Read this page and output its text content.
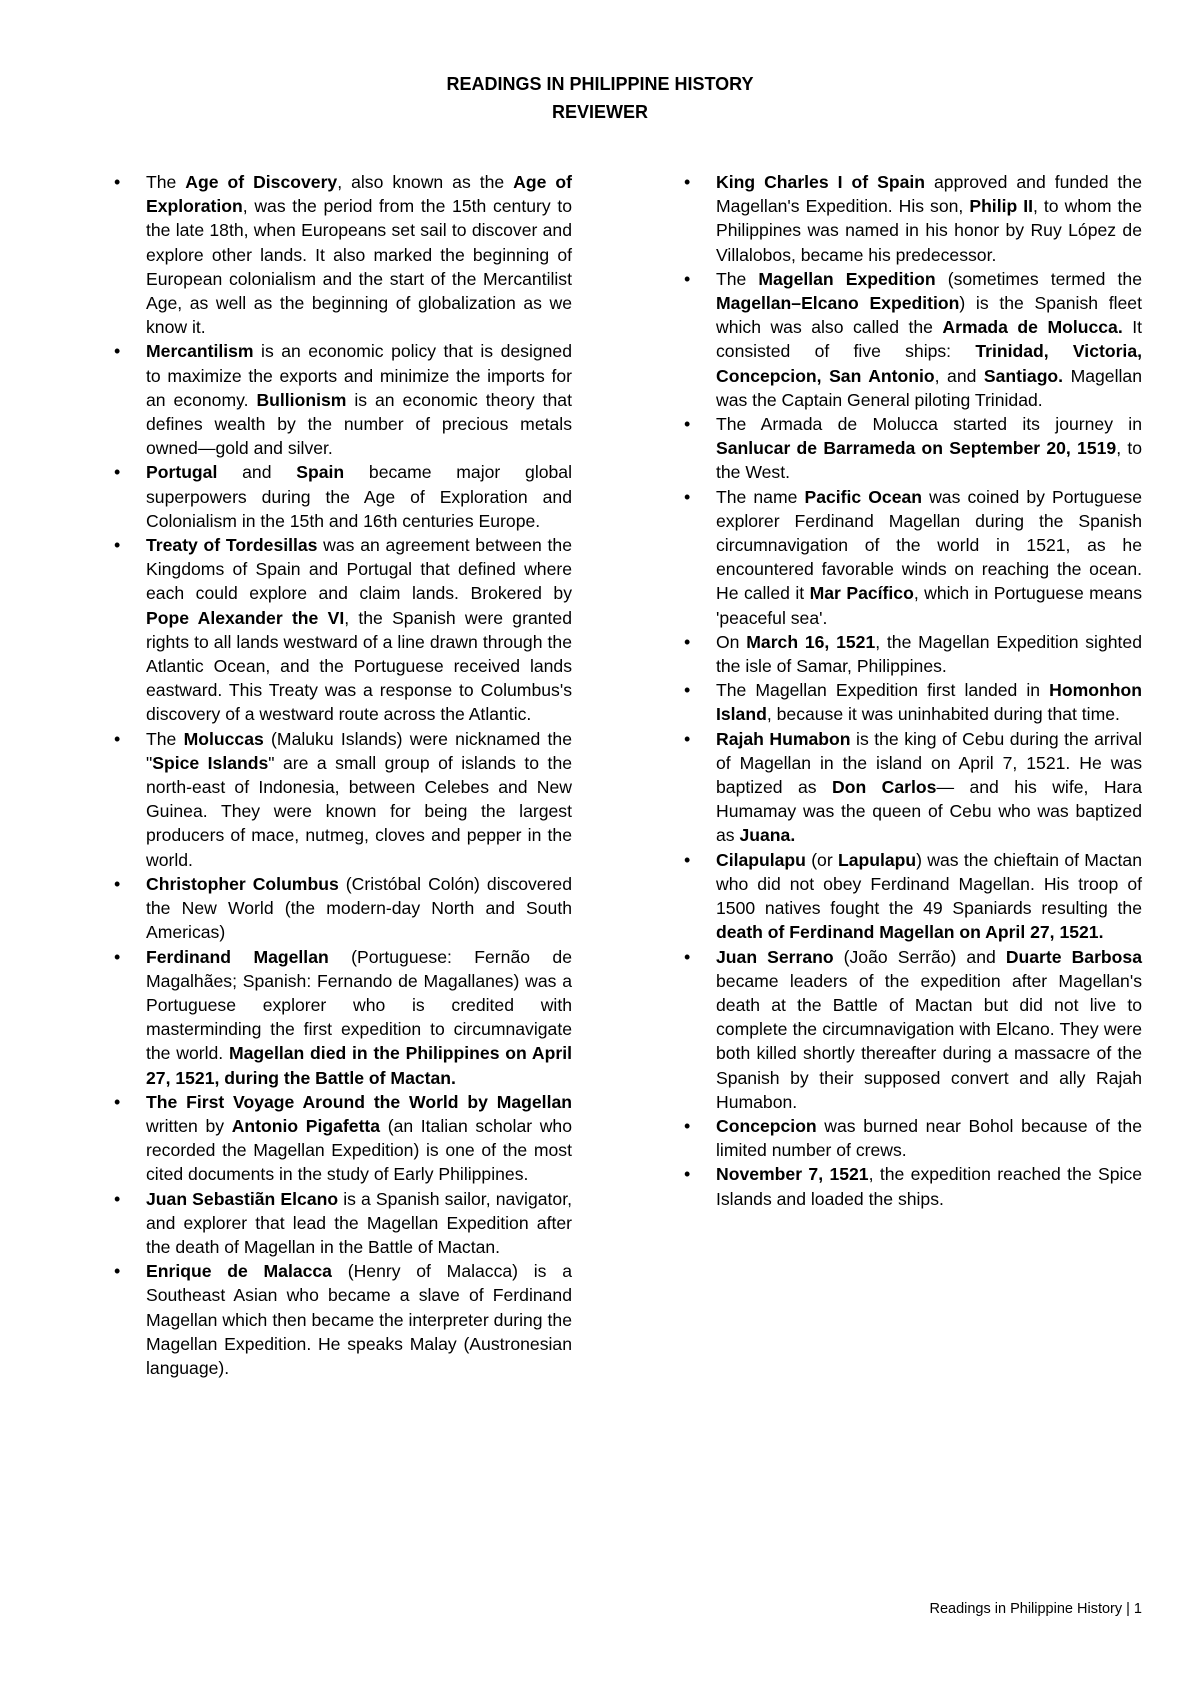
READINGS IN PHILIPPINE HISTORY
REVIEWER
• The Age of Discovery, also known as the Age of Exploration, was the period from the 15th century to the late 18th, when Europeans set sail to discover and explore other lands. It also marked the beginning of European colonialism and the start of the Mercantilist Age, as well as the beginning of globalization as we know it.
• Mercantilism is an economic policy that is designed to maximize the exports and minimize the imports for an economy. Bullionism is an economic theory that defines wealth by the number of precious metals owned—gold and silver.
• Portugal and Spain became major global superpowers during the Age of Exploration and Colonialism in the 15th and 16th centuries Europe.
• Treaty of Tordesillas was an agreement between the Kingdoms of Spain and Portugal that defined where each could explore and claim lands. Brokered by Pope Alexander the VI, the Spanish were granted rights to all lands westward of a line drawn through the Atlantic Ocean, and the Portuguese received lands eastward. This Treaty was a response to Columbus's discovery of a westward route across the Atlantic.
• The Moluccas (Maluku Islands) were nicknamed the "Spice Islands" are a small group of islands to the north-east of Indonesia, between Celebes and New Guinea. They were known for being the largest producers of mace, nutmeg, cloves and pepper in the world.
• Christopher Columbus (Cristóbal Colón) discovered the New World (the modern-day North and South Americas)
• Ferdinand Magellan (Portuguese: Fernão de Magalhães; Spanish: Fernando de Magallanes) was a Portuguese explorer who is credited with masterminding the first expedition to circumnavigate the world. Magellan died in the Philippines on April 27, 1521, during the Battle of Mactan.
• The First Voyage Around the World by Magellan written by Antonio Pigafetta (an Italian scholar who recorded the Magellan Expedition) is one of the most cited documents in the study of Early Philippines.
• Juan Sebastiãn Elcano is a Spanish sailor, navigator, and explorer that lead the Magellan Expedition after the death of Magellan in the Battle of Mactan.
• Enrique de Malacca (Henry of Malacca) is a Southeast Asian who became a slave of Ferdinand Magellan which then became the interpreter during the Magellan Expedition. He speaks Malay (Austronesian language).
• King Charles I of Spain approved and funded the Magellan's Expedition. His son, Philip II, to whom the Philippines was named in his honor by Ruy López de Villalobos, became his predecessor.
• The Magellan Expedition (sometimes termed the Magellan–Elcano Expedition) is the Spanish fleet which was also called the Armada de Molucca. It consisted of five ships: Trinidad, Victoria, Concepcion, San Antonio, and Santiago. Magellan was the Captain General piloting Trinidad.
• The Armada de Molucca started its journey in Sanlucar de Barrameda on September 20, 1519, to the West.
• The name Pacific Ocean was coined by Portuguese explorer Ferdinand Magellan during the Spanish circumnavigation of the world in 1521, as he encountered favorable winds on reaching the ocean. He called it Mar Pacífico, which in Portuguese means 'peaceful sea'.
• On March 16, 1521, the Magellan Expedition sighted the isle of Samar, Philippines.
• The Magellan Expedition first landed in Homonhon Island, because it was uninhabited during that time.
• Rajah Humabon is the king of Cebu during the arrival of Magellan in the island on April 7, 1521. He was baptized as Don Carlos— and his wife, Hara Humamay was the queen of Cebu who was baptized as Juana.
• Cilapulapu (or Lapulapu) was the chieftain of Mactan who did not obey Ferdinand Magellan. His troop of 1500 natives fought the 49 Spaniards resulting the death of Ferdinand Magellan on April 27, 1521.
• Juan Serrano (João Serrão) and Duarte Barbosa became leaders of the expedition after Magellan's death at the Battle of Mactan but did not live to complete the circumnavigation with Elcano. They were both killed shortly thereafter during a massacre of the Spanish by their supposed convert and ally Rajah Humabon.
• Concepcion was burned near Bohol because of the limited number of crews.
• November 7, 1521, the expedition reached the Spice Islands and loaded the ships.
Readings in Philippine History | 1
